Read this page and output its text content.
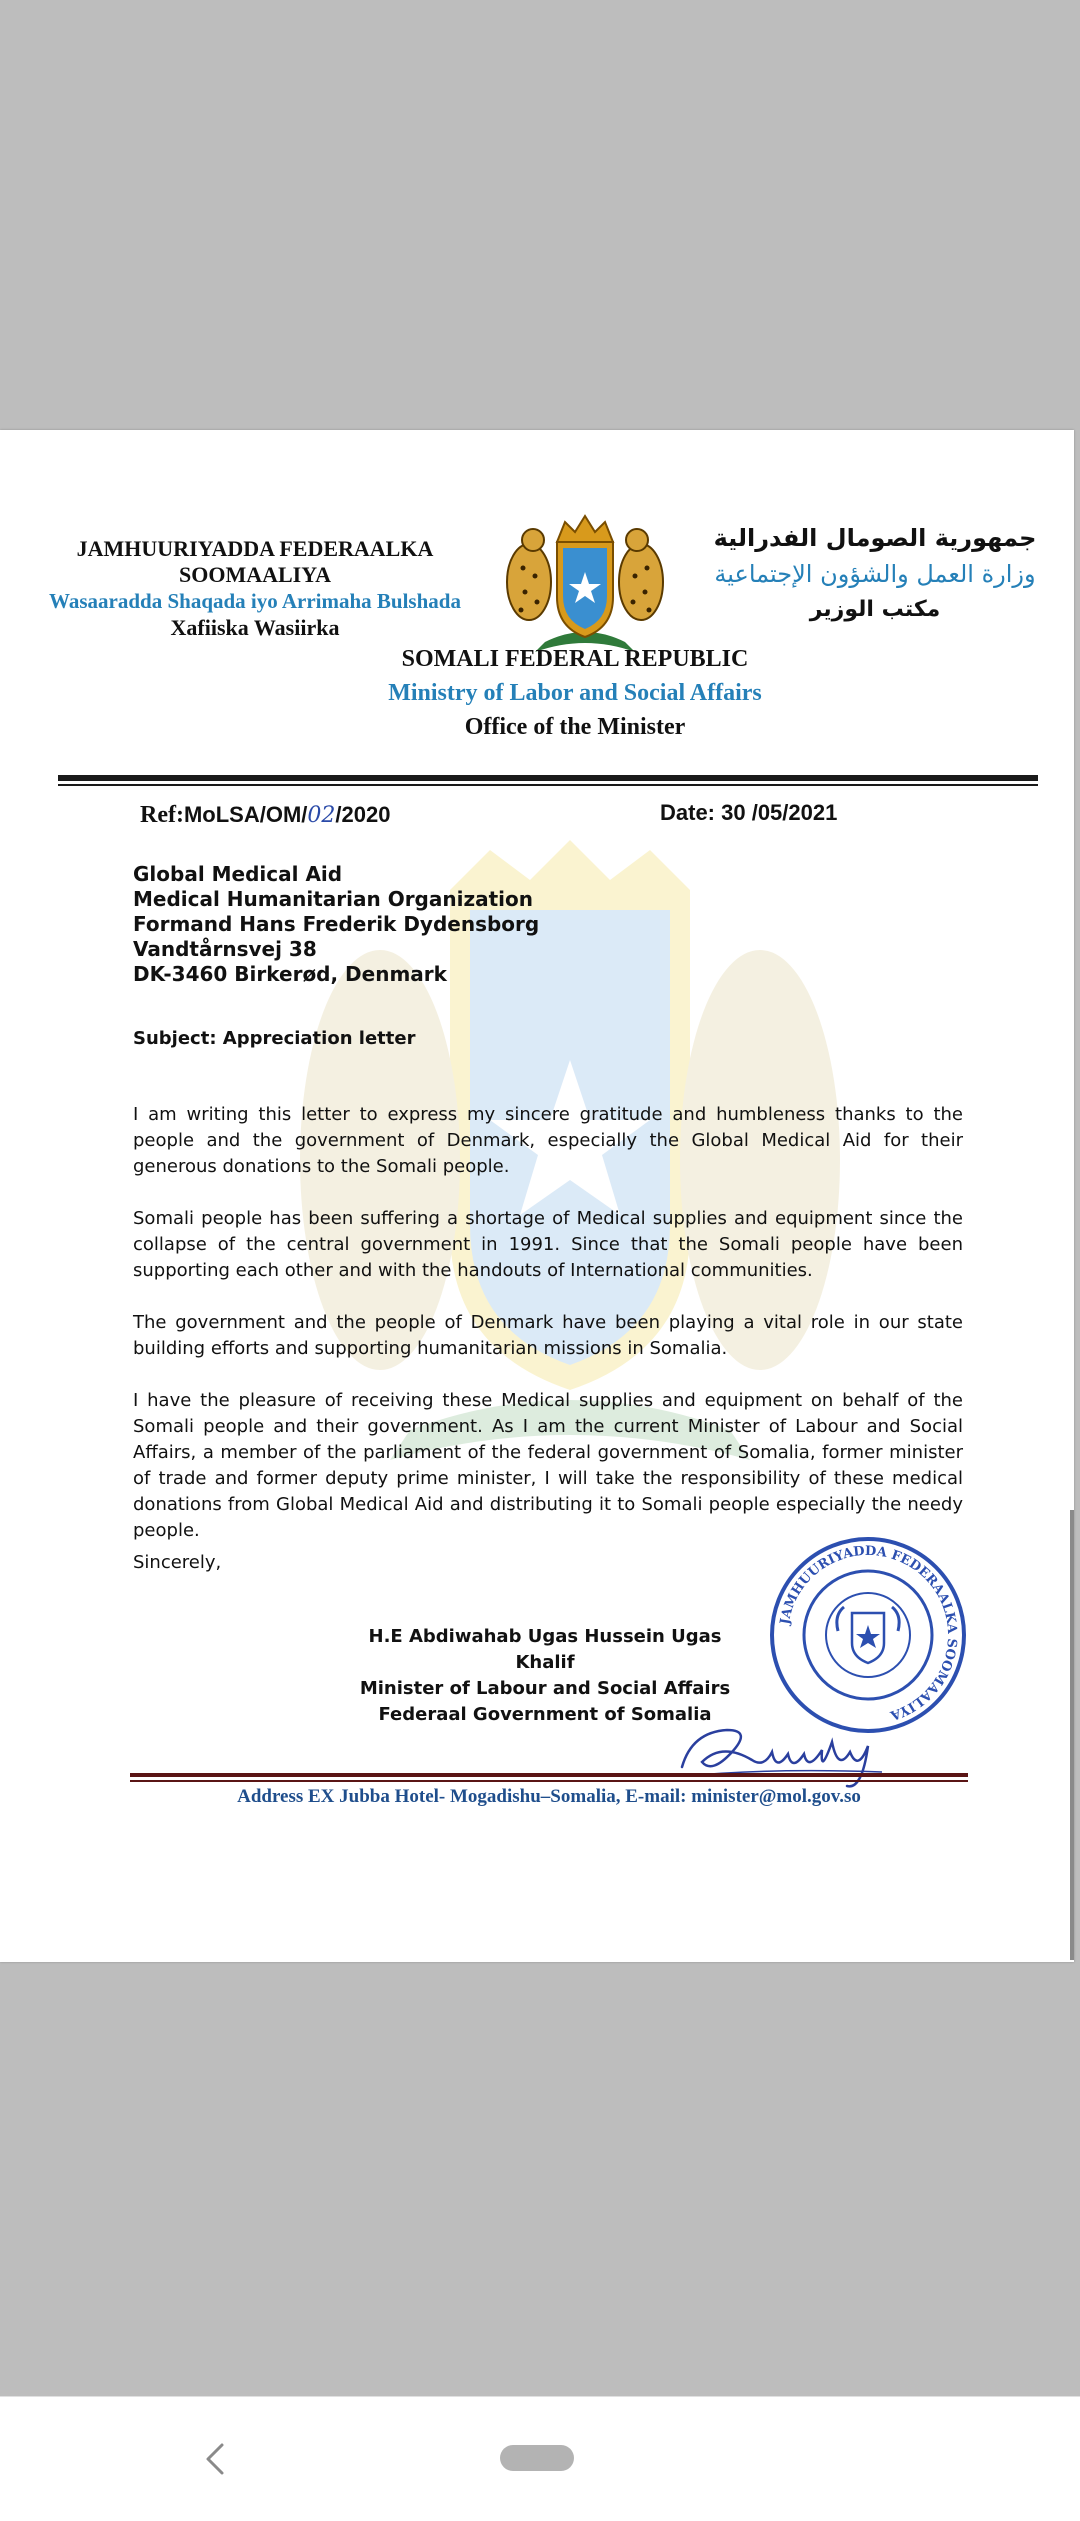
JAMHUURIYADDA FEDERAALKA
SOOMAALIYA
Wasaaradda Shaqada iyo Arrimaha Bulshada
Xafiiska Wasiirka
جمهورية الصومال الفدرالية
وزارة العمل والشؤون الإجتماعية
مكتب الوزير
SOMALI FEDERAL REPUBLIC
Ministry of Labor and Social Affairs
Office of the Minister
Ref:MoLSA/OM/02/2020	Date: 30 /05/2021
Global Medical Aid
Medical Humanitarian Organization
Formand Hans Frederik Dydensborg
Vandtårnsvej 38
DK-3460 Birkerød, Denmark
Subject: Appreciation letter

I am writing this letter to express my sincere gratitude and humbleness thanks to the people and the government of Denmark, especially the Global Medical Aid for their generous donations to the Somali people.

Somali people has been suffering a shortage of Medical supplies and equipment since the collapse of the central government in 1991. Since that the Somali people have been supporting each other and with the handouts of International communities.

The government and the people of Denmark have been playing a vital role in our state building efforts and supporting humanitarian missions in Somalia.

I have the pleasure of receiving these Medical supplies and equipment on behalf of the Somali people and their government. As I am the current Minister of Labour and Social Affairs, a member of the parliament of the federal government of Somalia, former minister of trade and former deputy prime minister, I will take the responsibility of these medical donations from Global Medical Aid and distributing it to Somali people especially the needy people.

Sincerely,
H.E Abdiwahab Ugas Hussein Ugas Khalif
Minister of Labour and Social Affairs
Federaal Government of Somalia
JAMHUURIYADDA FEDERAALKA SOOMAALIYA
Address EX Jubba Hotel- Mogadishu–Somalia, E-mail: minister@mol.gov.so
